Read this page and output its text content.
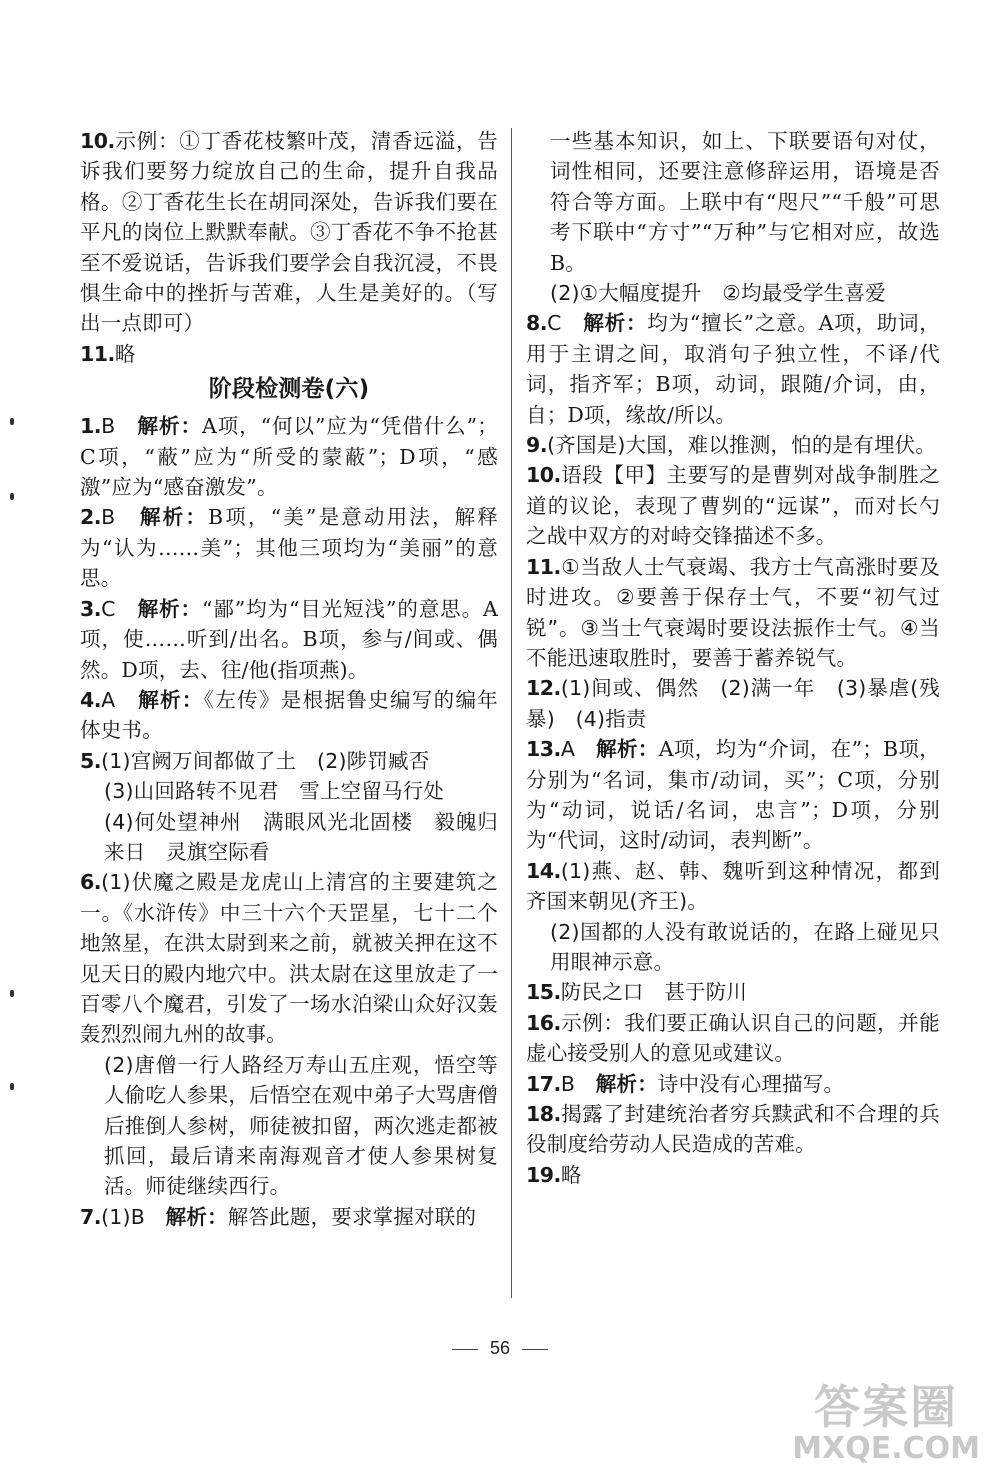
10.示例：①丁香花枝繁叶茂，清香远溢，告诉我们要努力绽放自己的生命，提升自我品格。②丁香花生长在胡同深处，告诉我们要在平凡的岗位上默默奉献。③丁香花不争不抢甚至不爱说话，告诉我们要学会自我沉浸，不畏惧生命中的挫折与苦难，人生是美好的。（写出一点即可）
11.略
阶段检测卷(六)
1.B　 解析：A项，“何以”应为“凭借什么”；C项，“蔽”应为“所受的蒙蔽”；D项，“感激”应为“感奋激发”。
2.B　 解析：B项，“美”是意动用法，解释为“认为……美”；其他三项均为“美丽”的意思。
3.C　 解析：“鄙”均为“目光短浅”的意思。A项，使……听到/出名。B项，参与/间或、偶然。D项，去、往/他(指项燕)。
4.A　 解析：《左传》是根据鲁史编写的编年体史书。
5.(1)宫阙万间都做了土　(2)陟罚臧否
(3)山回路转不见君　雪上空留马行处
(4)何处望神州　满眼风光北固楼　毅魄归来日　灵旗空际看
6.(1)伏魔之殿是龙虎山上清宫的主要建筑之一。《水浒传》中三十六个天罡星，七十二个地煞星，在洪太尉到来之前，就被关押在这不见天日的殿内地穴中。洪太尉在这里放走了一百零八个魔君，引发了一场水泊梁山众好汉轰轰烈烈闹九州的故事。
(2)唐僧一行人路经万寿山五庄观，悟空等人偷吃人参果，后悟空在观中弟子大骂唐僧后推倒人参树，师徒被扣留，两次逃走都被抓回，最后请来南海观音才使人参果树复活。师徒继续西行。
7.(1)B　 解析：解答此题，要求掌握对联的
一些基本知识，如上、下联要语句对仗，词性相同，还要注意修辞运用，语境是否符合等方面。上联中有“咫尺”“千般”可思考下联中“方寸”“万种”与它相对应，故选B。
(2)①大幅度提升　②均最受学生喜爱
8.C　 解析：均为“擅长”之意。A项，助词，用于主谓之间，取消句子独立性，不译/代词，指齐军；B项，动词，跟随/介词，由，自；D项，缘故/所以。
9.(齐国是)大国，难以推测，怕的是有埋伏。
10.语段【甲】主要写的是曹刿对战争制胜之道的议论，表现了曹刿的“远谋”，而对长勺之战中双方的对峙交锋描述不多。
11.①当敌人士气衰竭、我方士气高涨时要及时进攻。②要善于保存士气，不要“初气过锐”。③当士气衰竭时要设法振作士气。④当不能迅速取胜时，要善于蓄养锐气。
12.(1)间或、偶然　(2)满一年　(3)暴虐(残暴)　(4)指责
13.A　 解析：A项，均为“介词，在”；B项，分别为“名词，集市/动词，买”；C项，分别为“动词，说话/名词，忠言”；D项，分别为“代词，这时/动词，表判断”。
14.(1)燕、赵、韩、魏听到这种情况，都到齐国来朝见(齐王)。
(2)国都的人没有敢说话的，在路上碰见只用眼神示意。
15.防民之口　甚于防川
16.示例：我们要正确认识自己的问题，并能虚心接受别人的意见或建议。
17.B　 解析：诗中没有心理描写。
18.揭露了封建统治者穷兵黩武和不合理的兵役制度给劳动人民造成的苦难。
19.略
56
答案圈
MXQE.COM
